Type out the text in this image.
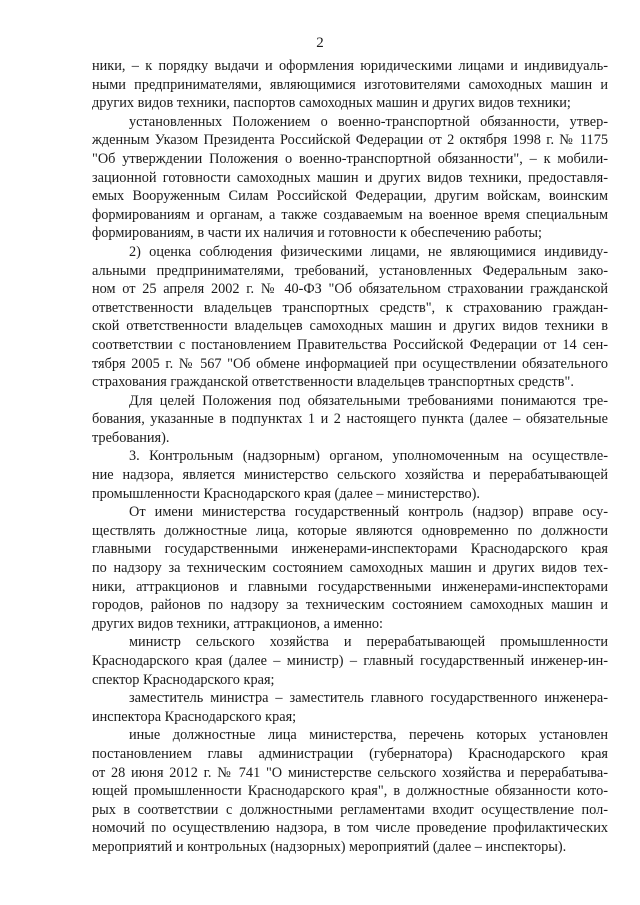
2
ники, – к порядку выдачи и оформления юридическими лицами и индивидуаль-
ными предпринимателями, являющимися изготовителями самоходных машин и
других видов техники, паспортов самоходных машин и других видов техники;
установленных Положением о военно-транспортной обязанности, утвер-
жденным Указом Президента Российской Федерации от 2 октября 1998 г. № 1175
"Об утверждении Положения о военно-транспортной обязанности", – к мобили-
зационной готовности самоходных машин и других видов техники, предоставля-
емых Вооруженным Силам Российской Федерации, другим войскам, воинским
формированиям и органам, а также создаваемым на военное время специальным
формированиям, в части их наличия и готовности к обеспечению работы;
2) оценка соблюдения физическими лицами, не являющимися индивиду-
альными предпринимателями, требований, установленных Федеральным зако-
ном от 25 апреля 2002 г. № 40-ФЗ "Об обязательном страховании гражданской
ответственности владельцев транспортных средств", к страхованию граждан-
ской ответственности владельцев самоходных машин и других видов техники в
соответствии с постановлением Правительства Российской Федерации от 14 сен-
тября 2005 г. № 567 "Об обмене информацией при осуществлении обязательного
страхования гражданской ответственности владельцев транспортных средств".
Для целей Положения под обязательными требованиями понимаются тре-
бования, указанные в подпунктах 1 и 2 настоящего пункта (далее – обязательные
требования).
3. Контрольным (надзорным) органом, уполномоченным на осуществле-
ние надзора, является министерство сельского хозяйства и перерабатывающей
промышленности Краснодарского края (далее – министерство).
От имени министерства государственный контроль (надзор) вправе осу-
ществлять должностные лица, которые являются одновременно по должности
главными государственными инженерами-инспекторами Краснодарского края
по надзору за техническим состоянием самоходных машин и других видов тех-
ники, аттракционов и главными государственными инженерами-инспекторами
городов, районов по надзору за техническим состоянием самоходных машин и
других видов техники, аттракционов, а именно:
министр сельского хозяйства и перерабатывающей промышленности
Краснодарского края (далее – министр) – главный государственный инженер-ин-
спектор Краснодарского края;
заместитель министра – заместитель главного государственного инженера-
инспектора Краснодарского края;
иные должностные лица министерства, перечень которых установлен
постановлением главы администрации (губернатора) Краснодарского края
от 28 июня 2012 г. № 741 "О министерстве сельского хозяйства и перерабатыва-
ющей промышленности Краснодарского края", в должностные обязанности кото-
рых в соответствии с должностными регламентами входит осуществление пол-
номочий по осуществлению надзора, в том числе проведение профилактических
мероприятий и контрольных (надзорных) мероприятий (далее – инспекторы).
